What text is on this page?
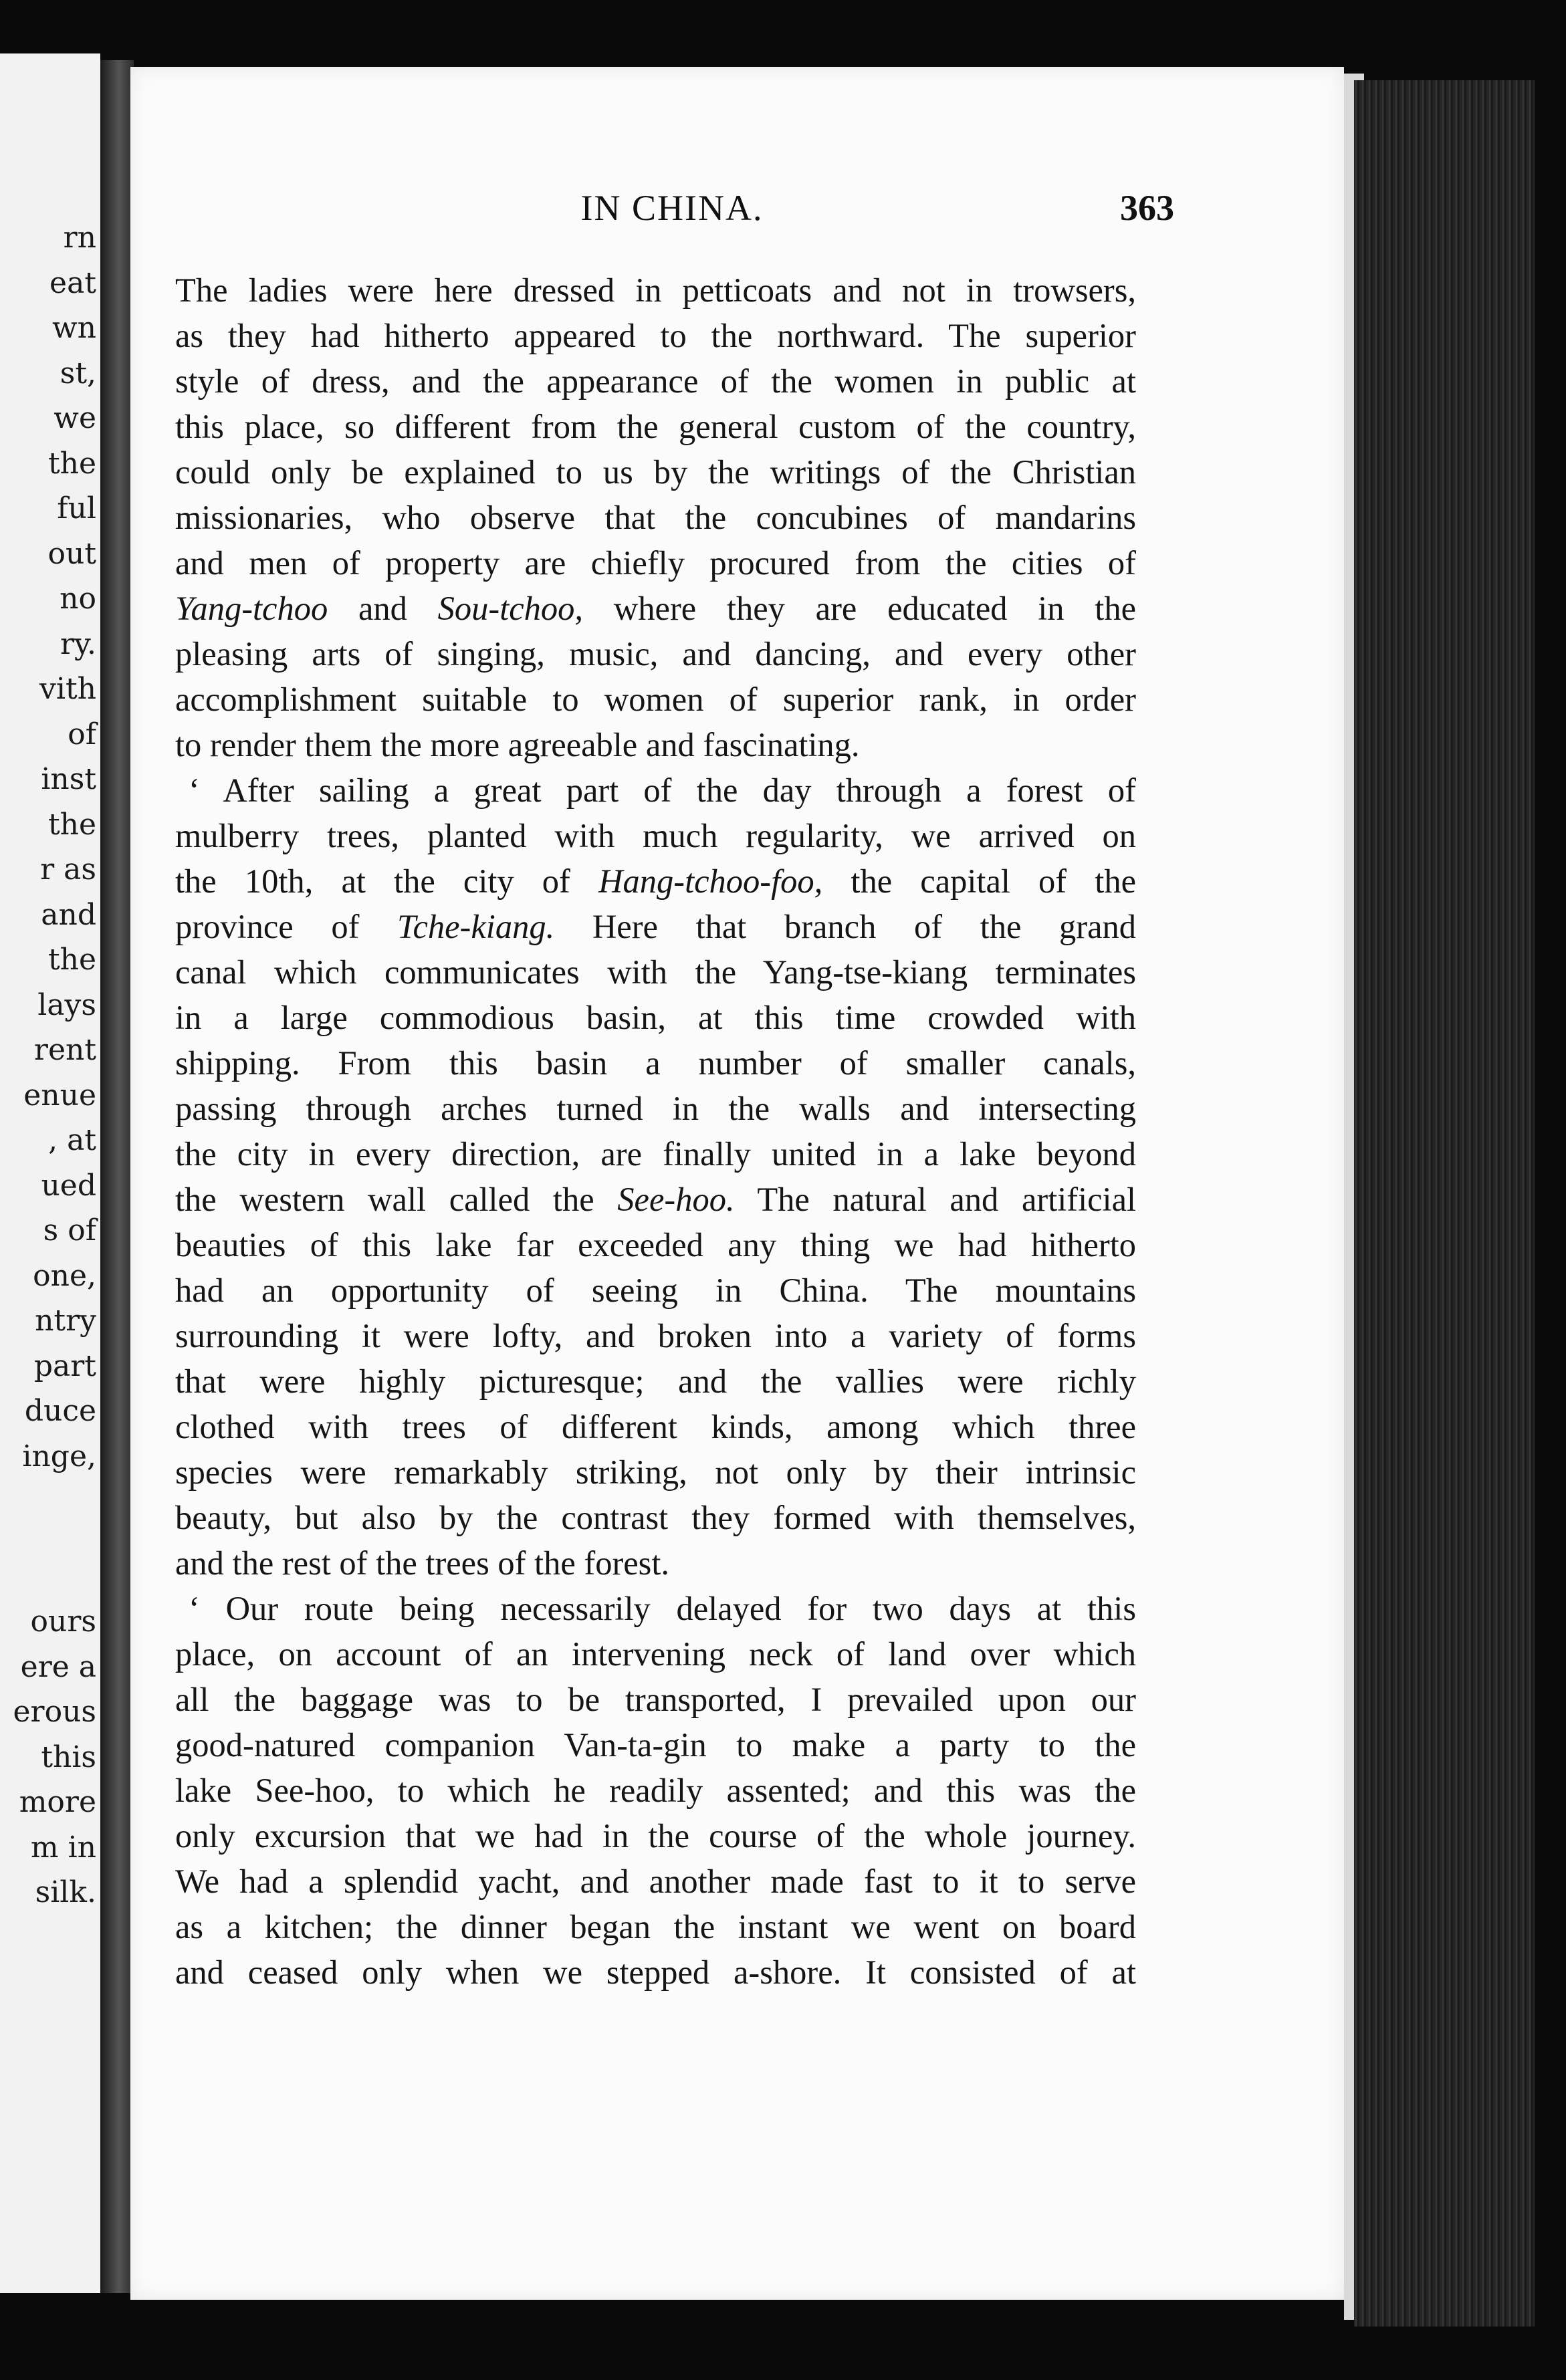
rn
eat
wn
st,
we
the
ful
out
no
ry.
vith
of
inst
the
r as
and
the
lays
rent
enue
, at
ued
s of
one,
ntry
part
duce
inge,
ours
ere a
erous
this
more
m in
silk.
IN CHINA.	363

The ladies were here dressed in petticoats and not in trowsers,
as they had hitherto appeared to the northward. The superior
style of dress, and the appearance of the women in public at
this place, so different from the general custom of the country,
could only be explained to us by the writings of the Christian
missionaries, who observe that the concubines of mandarins
and men of property are chiefly procured from the cities of
Yang-tchoo and Sou-tchoo, where they are educated in the
pleasing arts of singing, music, and dancing, and every other
accomplishment suitable to women of superior rank, in order
to render them the more agreeable and fascinating.

‘ After sailing a great part of the day through a forest of
mulberry trees, planted with much regularity, we arrived on
the 10th, at the city of Hang-tchoo-foo, the capital of the
province of Tche-kiang. Here that branch of the grand
canal which communicates with the Yang-tse-kiang terminates
in a large commodious basin, at this time crowded with
shipping. From this basin a number of smaller canals,
passing through arches turned in the walls and intersecting
the city in every direction, are finally united in a lake beyond
the western wall called the See-hoo. The natural and artificial
beauties of this lake far exceeded any thing we had hitherto
had an opportunity of seeing in China. The mountains
surrounding it were lofty, and broken into a variety of forms
that were highly picturesque; and the vallies were richly
clothed with trees of different kinds, among which three
species were remarkably striking, not only by their intrinsic
beauty, but also by the contrast they formed with themselves,
and the rest of the trees of the forest.

‘ Our route being necessarily delayed for two days at this
place, on account of an intervening neck of land over which
all the baggage was to be transported, I prevailed upon our
good-natured companion Van-ta-gin to make a party to the
lake See-hoo, to which he readily assented; and this was the
only excursion that we had in the course of the whole journey.
We had a splendid yacht, and another made fast to it to serve
as a kitchen; the dinner began the instant we went on board
and ceased only when we stepped a-shore. It consisted of at
